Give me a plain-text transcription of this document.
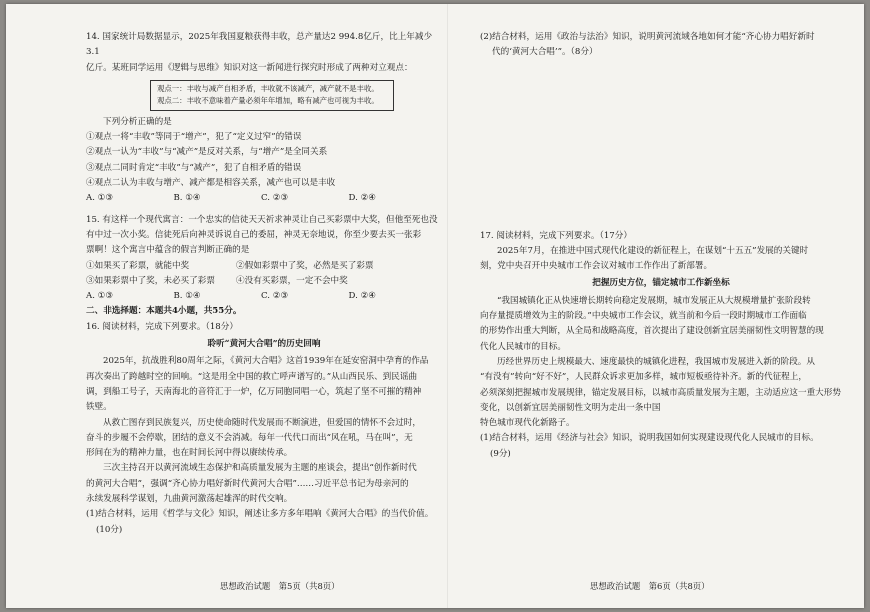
14. 国家统计局数据显示，2025年我国夏粮获得丰收，总产量达2 994.8亿斤，比上年减少3.1

亿斤。某班同学运用《逻辑与思维》知识对这一新闻进行探究时形成了两种对立观点：

观点一：丰收与减产自相矛盾，丰收就不该减产，减产就不是丰收。
观点二：丰收不意味着产量必须年年增加，略有减产也可视为丰收。

下列分析正确的是

①观点一将“丰收”等同于“增产”，犯了“定义过窄”的错误

②观点一认为“丰收”与“减产”是反对关系，与“增产”是全同关系

③观点二同时肯定“丰收”与“减产”，犯了自相矛盾的错误

④观点二认为丰收与增产、减产都是相容关系，减产也可以是丰收

A. ①③	B. ①④	C. ②③	D. ②④

15. 有这样一个现代寓言：一个忠实的信徒天天祈求神灵让自己买彩票中大奖，但他至死也没

有中过一次小奖。信徒死后向神灵诉说自己的委屈，神灵无奈地说，你至少要去买一张彩

票啊！这个寓言中蕴含的假言判断正确的是

①如果买了彩票，就能中奖	②假如彩票中了奖，必然是买了彩票
③如果彩票中了奖，未必买了彩票	④没有买彩票，一定不会中奖
A. ①③	B. ①④	C. ②③	D. ②④

二、非选择题：本题共4小题，共55分。

16. 阅读材料，完成下列要求。（18分）

聆听“黄河大合唱”的历史回响

2025年，抗战胜利80周年之际，《黄河大合唱》这首1939年在延安窑洞中孕育的作品

再次奏出了跨越时空的回响。“这是用全中国的救亡呼声谱写的。”从山西民乐、到民谣曲

调，到船工号子，天南海北的音符汇于一炉，亿万同胞同唱一心，筑起了坚不可摧的精神

铁壁。

从救亡图存到民族复兴，历史使命随时代发展而不断演进，但爱国的情怀不会过时，

奋斗的步履不会停歇，团结的意义不会消减。每年一代代口而出“风在吼，马在叫”，无

形间在为的精神力量，也在时间长河中得以赓续传承。

三次主持召开以黄河流域生态保护和高质量发展为主题的座谈会，提出“创作新时代

的黄河大合唱”，强调“齐心协力唱好新时代黄河大合唱”……习近平总书记为母亲河的

永续发展科学谋划，九曲黄河激荡起雄浑的时代交响。

(1)结合材料，运用《哲学与文化》知识，阐述让多方多年唱响《黄河大合唱》的当代价值。

(10分)

(2)结合材料，运用《政治与法治》知识，说明黄河流域各地如何才能“齐心协力唱好新时

代的‘黄河大合唱’”。（8分）

17. 阅读材料，完成下列要求。（17分）

2025年7月，在推进中国式现代化建设的新征程上，在谋划“十五五”发展的关键时

刻，党中央召开中央城市工作会议对城市工作作出了新部署。

把握历史方位，锚定城市工作新坐标

“我国城镇化正从快速增长期转向稳定发展期，城市发展正从大规模增量扩张阶段转

向存量提质增效为主的阶段。”中央城市工作会议，就当前和今后一段时期城市工作面临

的形势作出重大判断，从全局和战略高度，首次提出了建设创新宜居美丽韧性文明智慧的现

代化人民城市的目标。

历经世界历史上规模最大、速度最快的城镇化进程，我国城市发展进入新的阶段。从

“有没有”转向“好不好”，人民群众诉求更加多样，城市短板亟待补齐。新的代征程上，

必须深刻把握城市发展规律，锚定发展目标，以城市高质量发展为主题，主动适应这一重大形势变化，以创新宜居美丽韧性文明为走出一条中国

特色城市现代化新路子。

(1)结合材料，运用《经济与社会》知识，说明我国如何实现建设现代化人民城市的目标。

(9分)

思想政治试题　第5页（共8页）	思想政治试题　第6页（共8页）
